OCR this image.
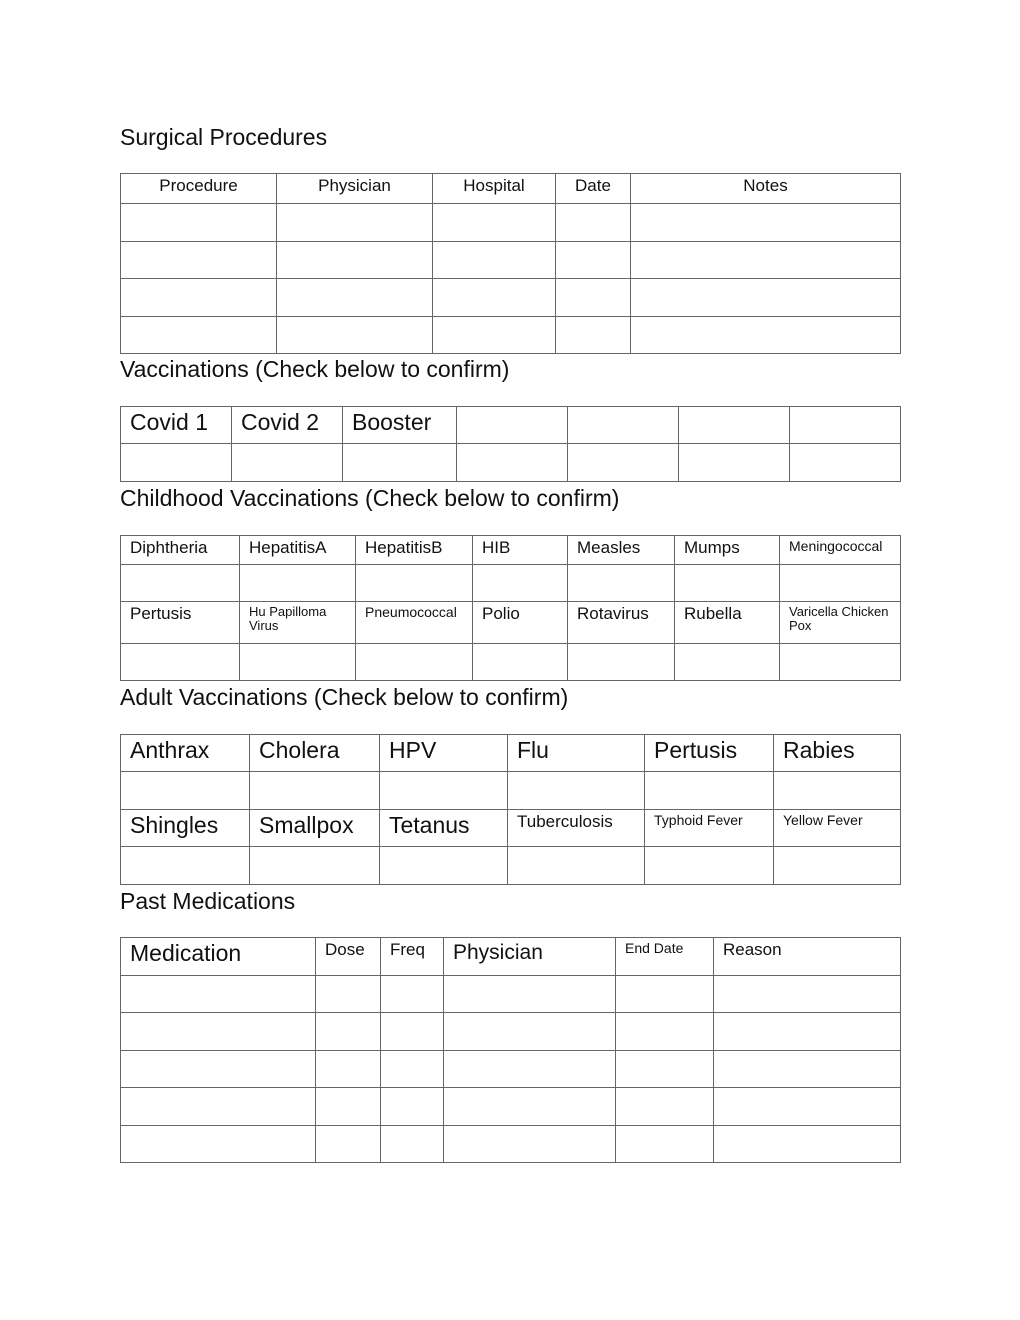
Surgical Procedures
Procedure	Physician	Hospital	Date	Notes

Vaccinations (Check below to confirm)
Covid 1	Covid 2	Booster				

Childhood Vaccinations (Check below to confirm)
Diphtheria	HepatitisA	HepatitisB	HIB	Measles	Mumps	Meningococcal

Pertusis	Hu Papilloma Virus	Pneumococcal	Polio	Rotavirus	Rubella	Varicella Chicken Pox

Adult Vaccinations (Check below to confirm)
Anthrax	Cholera	HPV	Flu	Pertusis	Rabies

Shingles	Smallpox	Tetanus	Tuberculosis	Typhoid Fever	Yellow Fever

Past Medications
Medication	Dose	Freq	Physician	End Date	Reason
